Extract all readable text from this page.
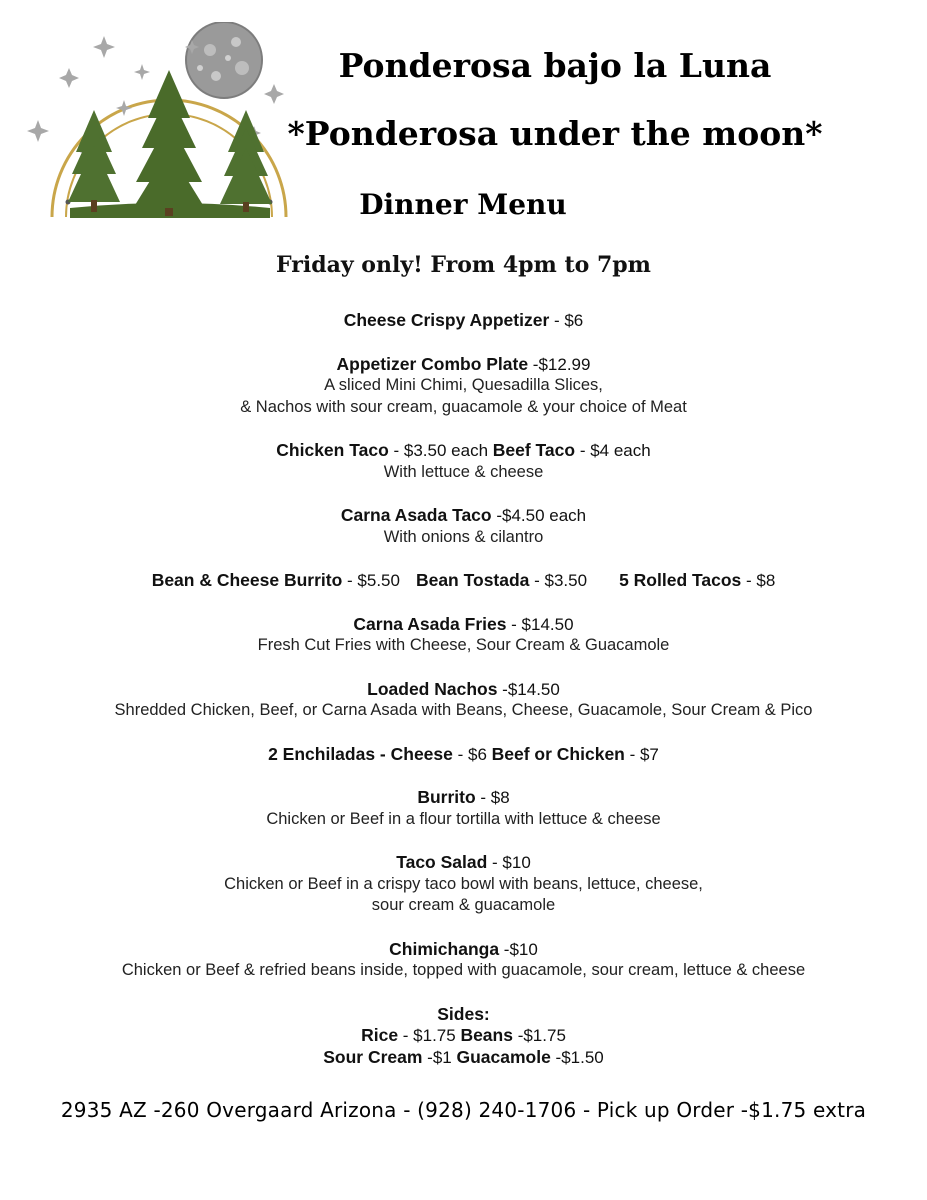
Ponderosa bajo la Luna
*Ponderosa under the moon*
Dinner Menu
Friday only! From 4pm to 7pm
Cheese Crispy Appetizer - $6
Appetizer Combo Plate -$12.99
A sliced Mini Chimi, Quesadilla Slices,
& Nachos with sour cream, guacamole & your choice of Meat
Chicken Taco - $3.50 each Beef Taco - $4 each
With lettuce & cheese
Carna Asada Taco -$4.50 each
With onions & cilantro
Bean & Cheese Burrito - $5.50 Bean Tostada - $3.50 5 Rolled Tacos - $8
Carna Asada Fries - $14.50
Fresh Cut Fries with Cheese, Sour Cream & Guacamole
Loaded Nachos -$14.50
Shredded Chicken, Beef, or Carna Asada with Beans, Cheese, Guacamole, Sour Cream & Pico
2 Enchiladas - Cheese - $6 Beef or Chicken - $7
Burrito - $8
Chicken or Beef in a flour tortilla with lettuce & cheese
Taco Salad - $10
Chicken or Beef in a crispy taco bowl with beans, lettuce, cheese,
sour cream & guacamole
Chimichanga -$10
Chicken or Beef & refried beans inside, topped with guacamole, sour cream, lettuce & cheese
Sides:
Rice - $1.75 Beans -$1.75
Sour Cream -$1 Guacamole -$1.50
2935 AZ -260 Overgaard Arizona - (928) 240-1706 - Pick up Order -$1.75 extra
